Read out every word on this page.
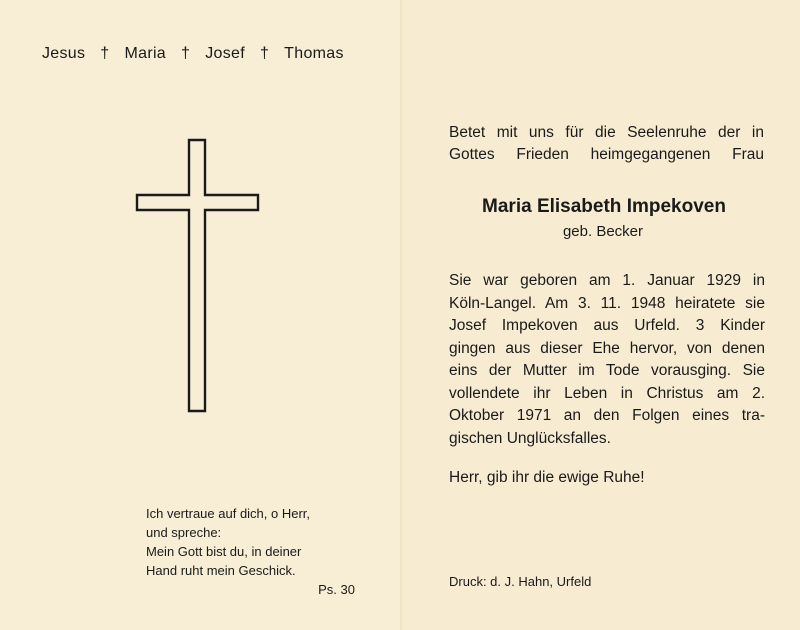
Jesus † Maria † Josef † Thomas
Ich vertraue auf dich, o Herr,
und spreche:
Mein Gott bist du, in deiner
Hand ruht mein Geschick.
Ps. 30
Betet mit uns für die Seelenruhe der in
Gottes Frieden heimgegangenen Frau
Maria Elisabeth Impekoven
geb. Becker
Sie war geboren am 1. Januar 1929 in
Köln-Langel. Am 3. 11. 1948 heiratete sie
Josef Impekoven aus Urfeld. 3 Kinder
gingen aus dieser Ehe hervor, von denen
eins der Mutter im Tode vorausging. Sie
vollendete ihr Leben in Christus am 2.
Oktober 1971 an den Folgen eines tra-
gischen Unglücksfalles.
Herr, gib ihr die ewige Ruhe!
Druck: d. J. Hahn, Urfeld
